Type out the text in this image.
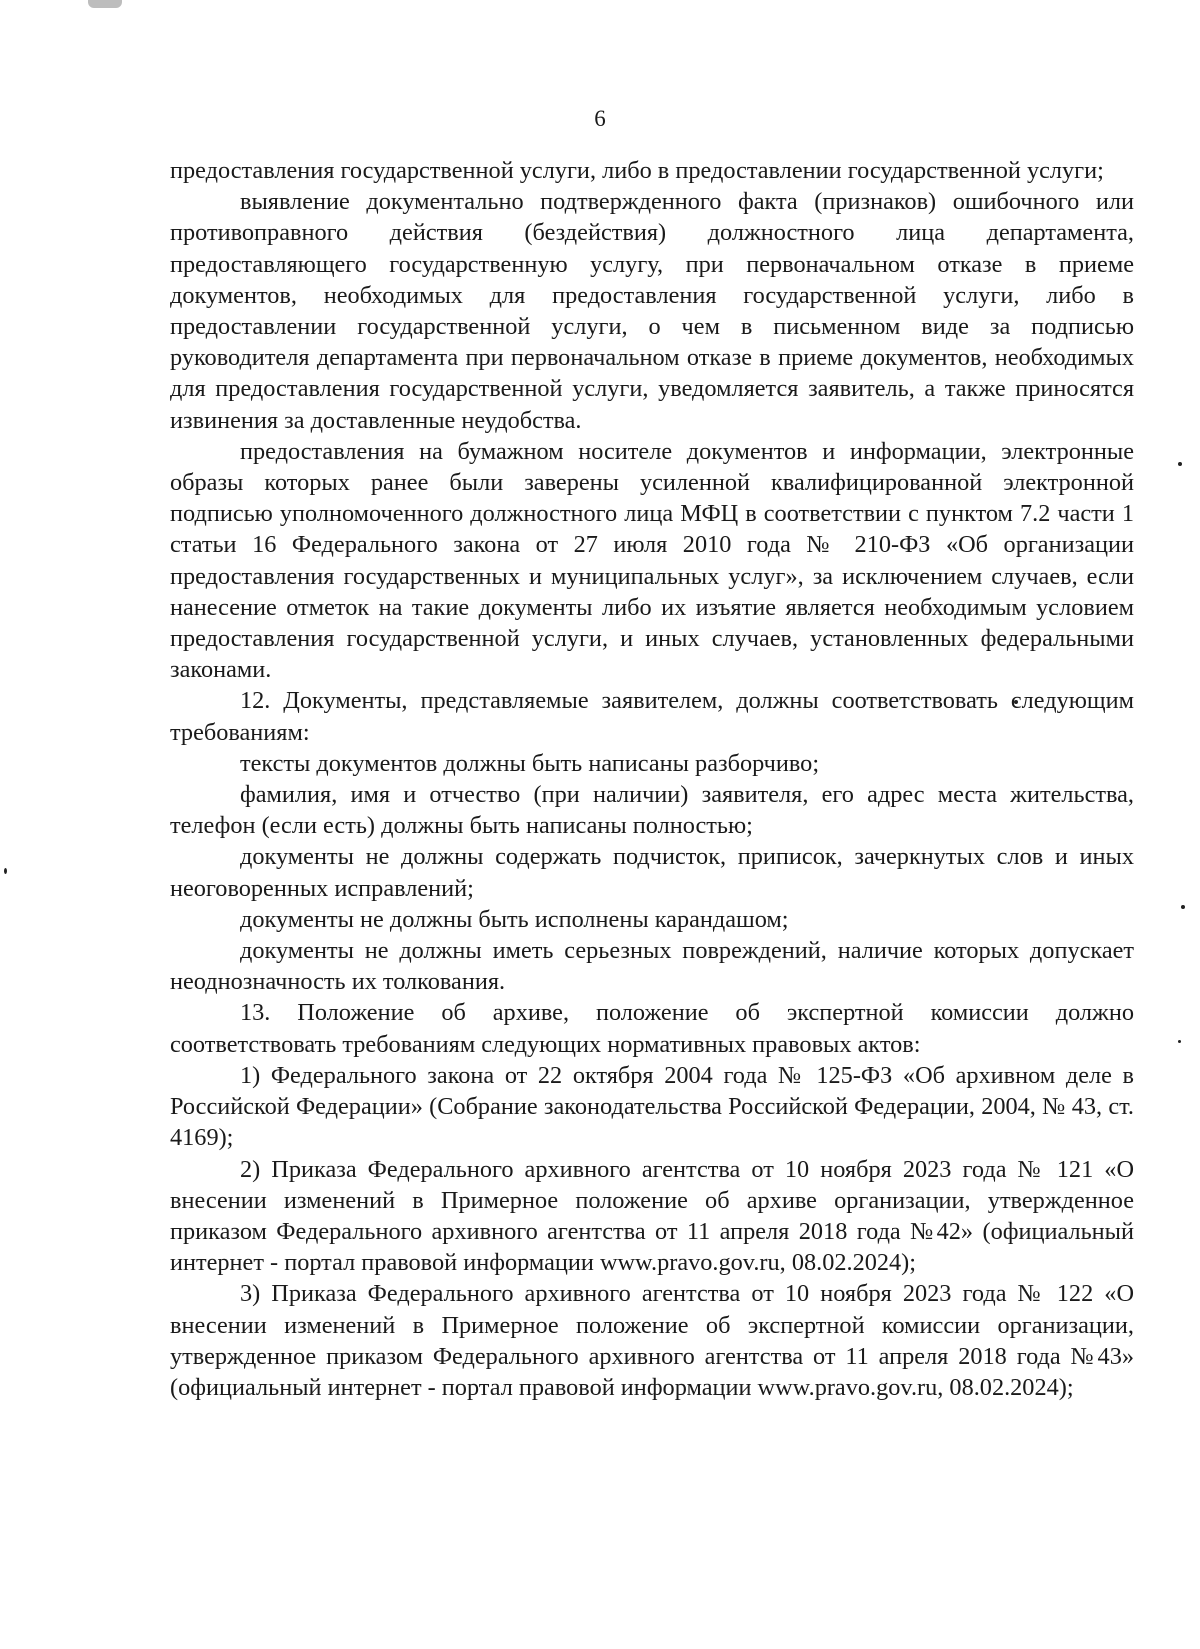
6

предоставления государственной услуги, либо в предоставлении государственной услуги;

выявление документально подтвержденного факта (признаков) ошибочного или противоправного действия (бездействия) должностного лица департамента, предоставляющего государственную услугу, при первоначальном отказе в приеме документов, необходимых для предоставления государственной услуги, либо в предоставлении государственной услуги, о чем в письменном виде за подписью руководителя департамента при первоначальном отказе в приеме документов, необходимых для предоставления государственной услуги, уведомляется заявитель, а также приносятся извинения за доставленные неудобства.

предоставления на бумажном носителе документов и информации, электронные образы которых ранее были заверены усиленной квалифицированной электронной подписью уполномоченного должностного лица МФЦ в соответствии с пунктом 7.2 части 1 статьи 16 Федерального закона от 27 июля 2010 года № 210-ФЗ «Об организации предоставления государственных и муниципальных услуг», за исключением случаев, если нанесение отметок на такие документы либо их изъятие является необходимым условием предоставления государственной услуги, и иных случаев, установленных федеральными законами.

12. Документы, представляемые заявителем, должны соответствовать следующим требованиям:

тексты документов должны быть написаны разборчиво;

фамилия, имя и отчество (при наличии) заявителя, его адрес места жительства, телефон (если есть) должны быть написаны полностью;

документы не должны содержать подчисток, приписок, зачеркнутых слов и иных неоговоренных исправлений;

документы не должны быть исполнены карандашом;

документы не должны иметь серьезных повреждений, наличие которых допускает неоднозначность их толкования.

13. Положение об архиве, положение об экспертной комиссии должно соответствовать требованиям следующих нормативных правовых актов:

1) Федерального закона от 22 октября 2004 года № 125-ФЗ «Об архивном деле в Российской Федерации» (Собрание законодательства Российской Федерации, 2004, № 43, ст. 4169);

2) Приказа Федерального архивного агентства от 10 ноября 2023 года № 121 «О внесении изменений в Примерное положение об архиве организации, утвержденное приказом Федерального архивного агентства от 11 апреля 2018 года №42» (официальный интернет - портал правовой информации www.pravo.gov.ru, 08.02.2024);

3) Приказа Федерального архивного агентства от 10 ноября 2023 года № 122 «О внесении изменений в Примерное положение об экспертной комиссии организации, утвержденное приказом Федерального архивного агентства от 11 апреля 2018 года №43» (официальный интернет - портал правовой информации www.pravo.gov.ru, 08.02.2024);
